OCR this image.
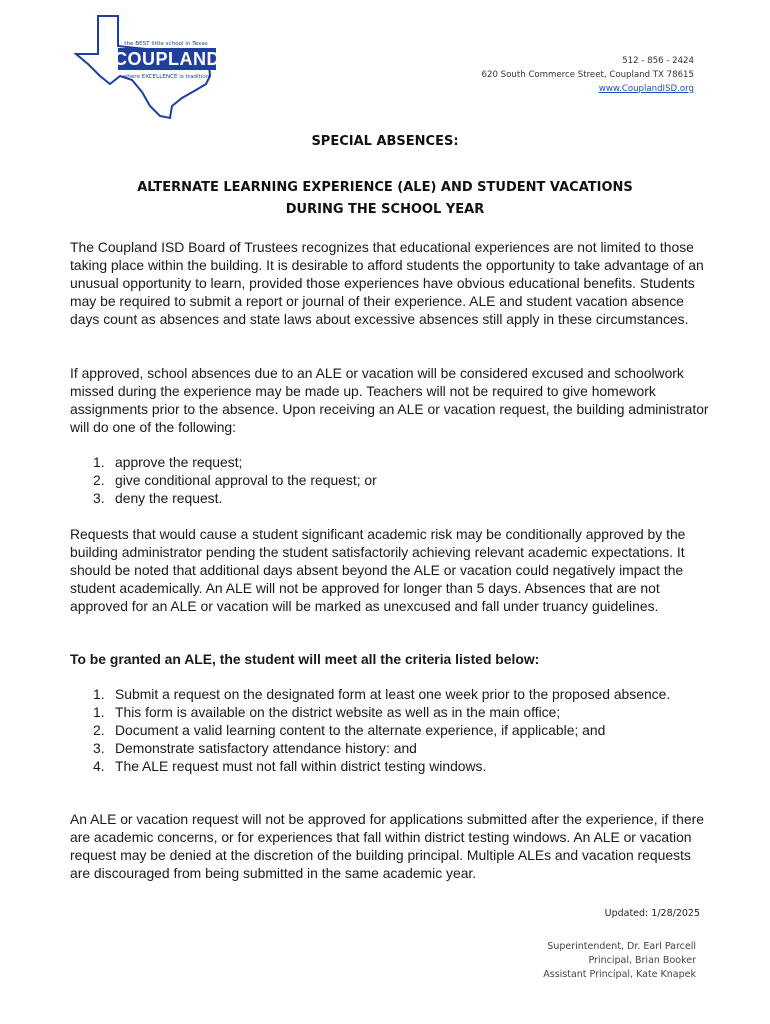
COUPLAND
the BEST little school in Texas
where EXCELLENCE is tradition
512 - 856 - 2424
620 South Commerce Street, Coupland TX 78615
www.CouplandISD.org
SPECIAL ABSENCES:
ALTERNATE LEARNING EXPERIENCE (ALE) AND STUDENT VACATIONS
DURING THE SCHOOL YEAR

The Coupland ISD Board of Trustees recognizes that educational experiences are not limited to those taking place within the building. It is desirable to afford students the opportunity to take advantage of an unusual opportunity to learn, provided those experiences have obvious educational benefits. Students may be required to submit a report or journal of their experience. ALE and student vacation absence days count as absences and state laws about excessive absences still apply in these circumstances.

If approved, school absences due to an ALE or vacation will be considered excused and schoolwork missed during the experience may be made up. Teachers will not be required to give homework assignments prior to the absence. Upon receiving an ALE or vacation request, the building administrator will do one of the following:

1. approve the request;
2. give conditional approval to the request; or
3. deny the request.

Requests that would cause a student significant academic risk may be conditionally approved by the building administrator pending the student satisfactorily achieving relevant academic expectations. It should be noted that additional days absent beyond the ALE or vacation could negatively impact the student academically. An ALE will not be approved for longer than 5 days. Absences that are not approved for an ALE or vacation will be marked as unexcused and fall under truancy guidelines.

To be granted an ALE, the student will meet all the criteria listed below:
1. Submit a request on the designated form at least one week prior to the proposed absence.
1. This form is available on the district website as well as in the main office;
2. Document a valid learning content to the alternate experience, if applicable; and
3. Demonstrate satisfactory attendance history: and
4. The ALE request must not fall within district testing windows.

An ALE or vacation request will not be approved for applications submitted after the experience, if there are academic concerns, or for experiences that fall within district testing windows. An ALE or vacation request may be denied at the discretion of the building principal. Multiple ALEs and vacation requests are discouraged from being submitted in the same academic year.

Updated: 1/28/2025
Superintendent, Dr. Earl Parcell
Principal, Brian Booker
Assistant Principal, Kate Knapek
